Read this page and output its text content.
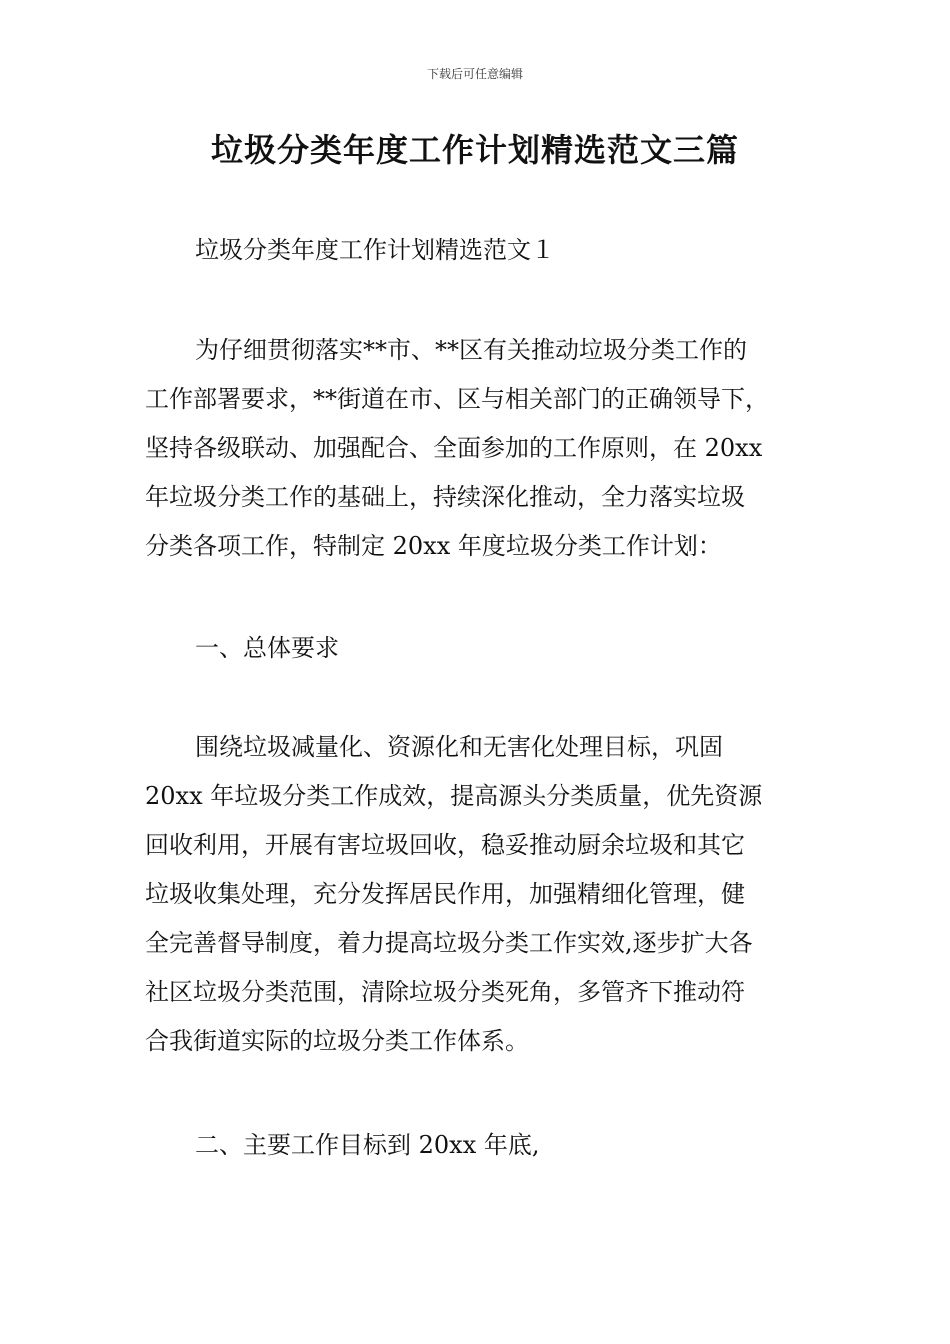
下载后可任意编辑
垃圾分类年度工作计划精选范文三篇

垃圾分类年度工作计划精选范文１

为仔细贯彻落实**市、**区有关推动垃圾分类工作的
工作部署要求，**街道在市、区与相关部门的正确领导下，
坚持各级联动、加强配合、全面参加的工作原则，在 20xx
年垃圾分类工作的基础上，持续深化推动，全力落实垃圾
分类各项工作，特制定 20xx 年度垃圾分类工作计划：

一、总体要求

围绕垃圾减量化、资源化和无害化处理目标，巩固
20xx 年垃圾分类工作成效，提高源头分类质量，优先资源
回收利用，开展有害垃圾回收，稳妥推动厨余垃圾和其它
垃圾收集处理，充分发挥居民作用，加强精细化管理，健
全完善督导制度，着力提高垃圾分类工作实效,逐步扩大各
社区垃圾分类范围，清除垃圾分类死角，多管齐下推动符
合我街道实际的垃圾分类工作体系。

二、主要工作目标到 20xx 年底,
